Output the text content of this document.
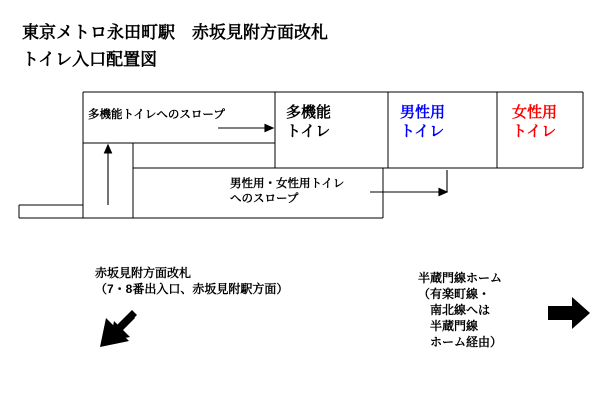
東京メトロ永田町駅　赤坂見附方面改札
トイレ入口配置図
多機能
トイレ
男性用
トイレ
女性用
トイレ
多機能トイレへのスロープ
男性用・女性用トイレ
へのスロープ
赤坂見附方面改札
（7・8番出入口、赤坂見附駅方面）
半蔵門線ホーム
（有楽町線・
　南北線へは
　半蔵門線
　ホーム経由）
